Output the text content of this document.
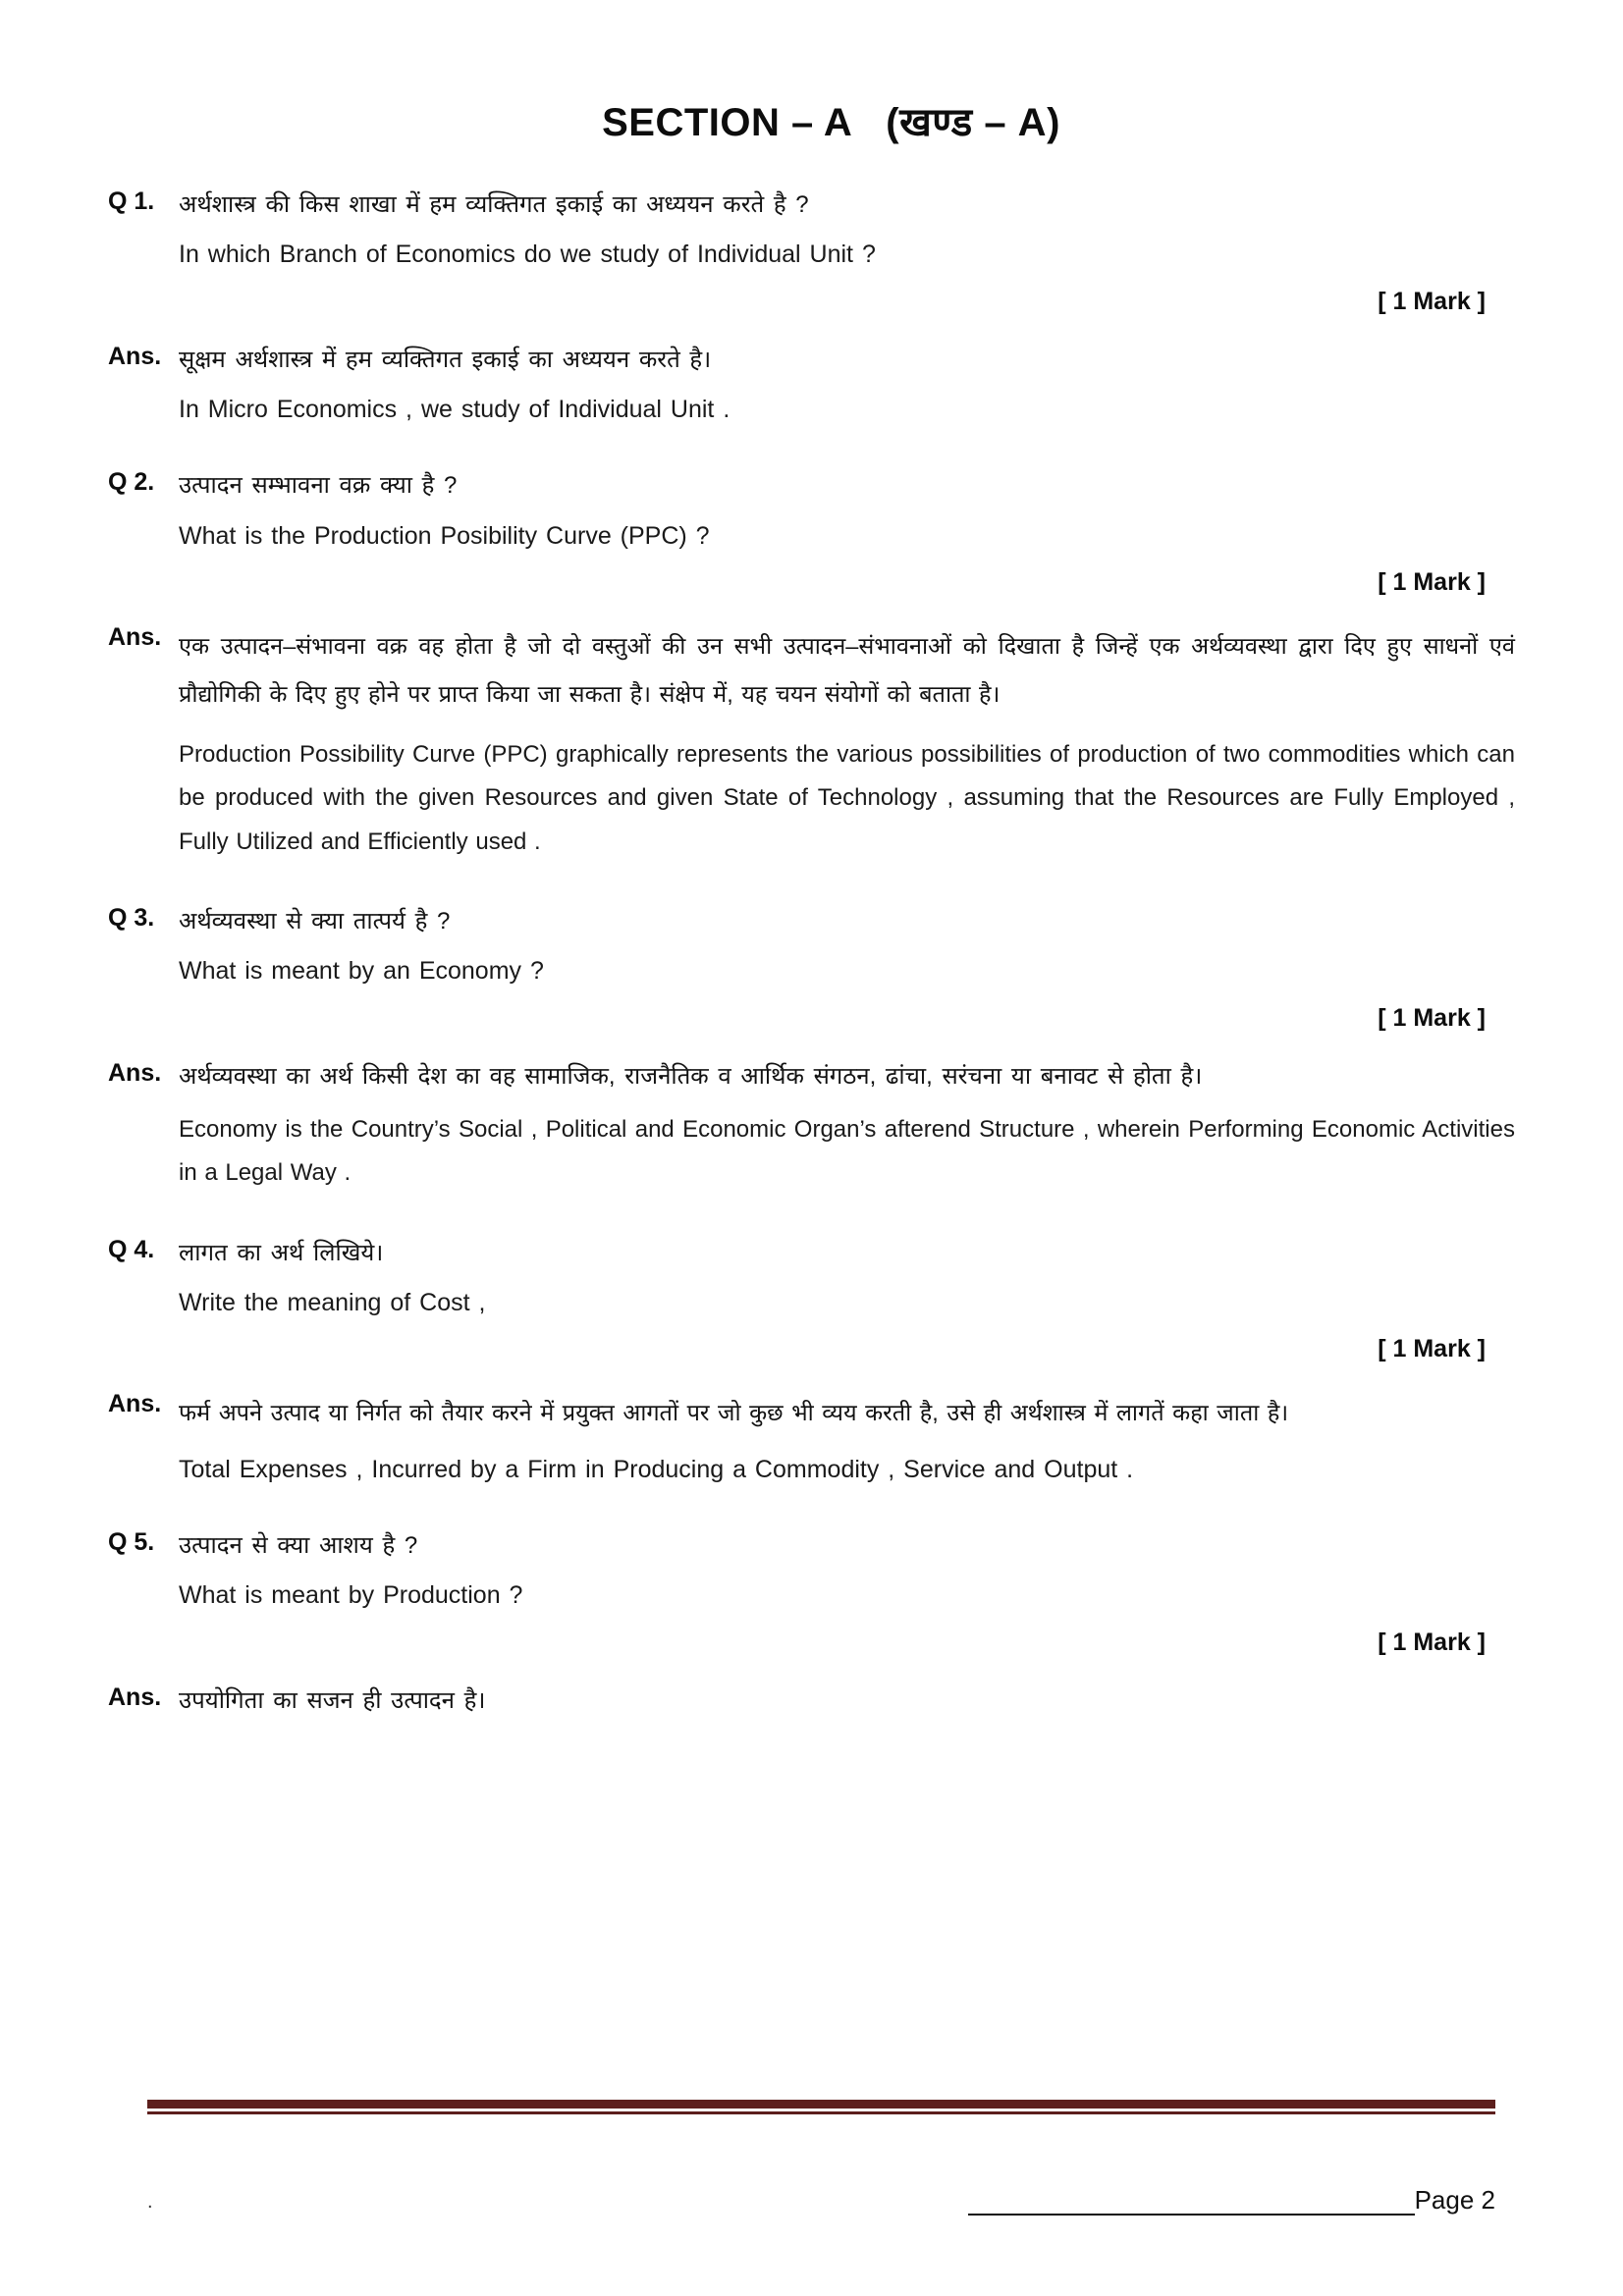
SECTION – A (खण्ड – A)
Q 1.	अर्थशास्त्र की किस शाखा में हम व्यक्तिगत इकाई का अध्ययन करते है ?
In which Branch of Economics do we study of Individual Unit ?
[ 1 Mark ]
Ans. सूक्षम अर्थशास्त्र में हम व्यक्तिगत इकाई का अध्ययन करते है।
In Micro Economics , we study of Individual Unit .
Q 2.	उत्पादन सम्भावना वक्र क्या है ?
What is the Production Posibility Curve (PPC) ?
[ 1 Mark ]
Ans. एक उत्पादन–संभावना वक्र वह होता है जो दो वस्तुओं की उन सभी उत्पादन–संभावनाओं को दिखाता है जिन्हें एक अर्थव्यवस्था द्वारा दिए हुए साधनों एवं प्रौद्योगिकी के दिए हुए होने पर प्राप्त किया जा सकता है। संक्षेप में, यह चयन संयोगों को बताता है।
Production Possibility Curve (PPC) graphically represents the various possibilities of production of two commodities which can be produced with the given Resources and given State of Technology , assuming that the Resources are Fully Employed , Fully Utilized and Efficiently used .
Q 3.	अर्थव्यवस्था से क्या तात्पर्य है ?
What is meant by an Economy ?
[ 1 Mark ]
Ans. अर्थव्यवस्था का अर्थ किसी देश का वह सामाजिक, राजनैतिक व आर्थिक संगठन, ढांचा, सरंचना या बनावट से होता है।
Economy is the Country’s Social , Political and Economic Organ’s afterend Structure , wherein Performing Economic Activities in a Legal Way .
Q 4.	लागत का अर्थ लिखिये।
Write the meaning of Cost ,
[ 1 Mark ]
Ans. फर्म अपने उत्पाद या निर्गत को तैयार करने में प्रयुक्त आगतों पर जो कुछ भी व्यय करती है, उसे ही अर्थशास्त्र में लागतें कहा जाता है।
Total Expenses , Incurred by a Firm in Producing a Commodity , Service and Output .
Q 5.	उत्पादन से क्या आशय है ?
What is meant by Production ?
[ 1 Mark ]
Ans. उपयोगिता का सजन ही उत्पादन है।
.	Page 2
